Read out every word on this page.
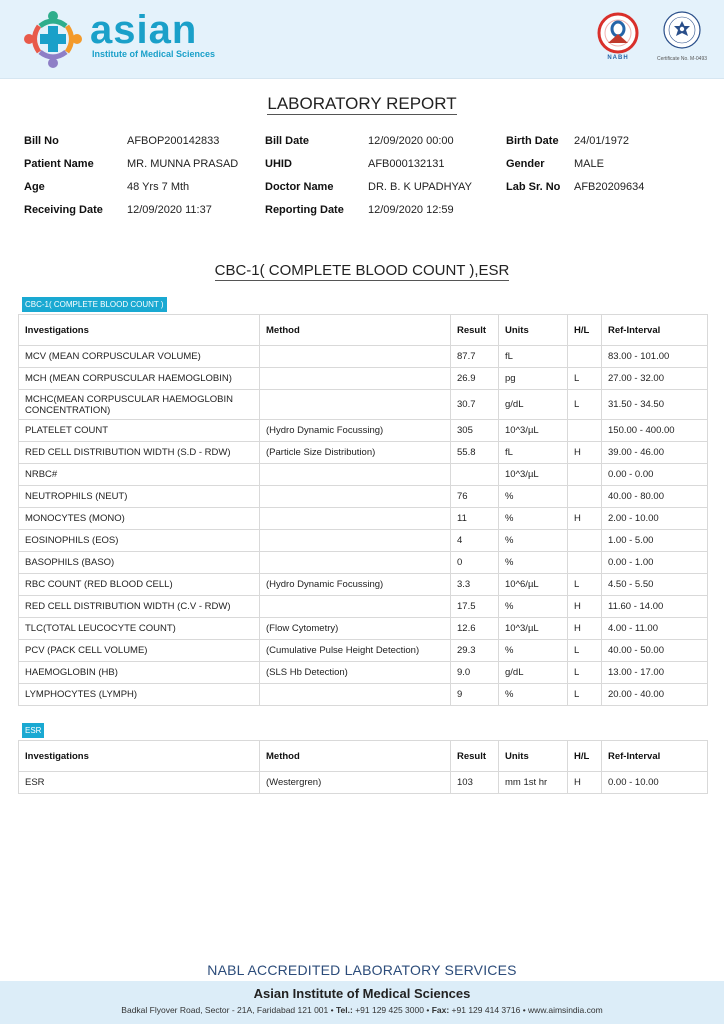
asian
Institute of Medical Sciences	NABH	Certificate No. M-0493
LABORATORY REPORT
Bill No	AFBOP200142833	Bill Date	12/09/2020 00:00	Birth Date 24/01/1972
Patient Name	MR. MUNNA PRASAD UHID	AFB000132131	Gender	MALE
Age	48 Yrs 7 Mth	Doctor Name	DR. B. K UPADHYAY	Lab Sr. No AFB20209634
Receiving Date 12/09/2020 11:37	Reporting Date 12/09/2020 12:59
CBC-1( COMPLETE BLOOD COUNT ),ESR
CBC-1( COMPLETE BLOOD COUNT )
Investigations	Method	Result	Units	H/L	Ref-Interval
MCV (MEAN CORPUSCULAR VOLUME)		87.7	fL		83.00 - 101.00
MCH (MEAN CORPUSCULAR HAEMOGLOBIN)		26.9	pg	L	27.00 - 32.00
MCHC(MEAN CORPUSCULAR HAEMOGLOBIN CONCENTRATION)		30.7	g/dL	L	31.50 - 34.50
PLATELET COUNT	(Hydro Dynamic Focussing)	305	10^3/µL		150.00 - 400.00
RED CELL DISTRIBUTION WIDTH (S.D - RDW)	(Particle Size Distribution)	55.8	fL	H	39.00 - 46.00
NRBC#			10^3/µL		0.00 - 0.00
NEUTROPHILS (NEUT)		76	%		40.00 - 80.00
MONOCYTES (MONO)		11	%	H	2.00 - 10.00
EOSINOPHILS (EOS)		4	%		1.00 - 5.00
BASOPHILS (BASO)		0	%		0.00 - 1.00
RBC COUNT (RED BLOOD CELL)	(Hydro Dynamic Focussing)	3.3	10^6/µL	L	4.50 - 5.50
RED CELL DISTRIBUTION WIDTH (C.V - RDW)		17.5	%	H	11.60 - 14.00
TLC(TOTAL LEUCOCYTE COUNT)	(Flow Cytometry)	12.6	10^3/µL	H	4.00 - 11.00
PCV (PACK CELL VOLUME)	(Cumulative Pulse Height Detection)	29.3	%	L	40.00 - 50.00
HAEMOGLOBIN (HB)	(SLS Hb Detection)	9.0	g/dL	L	13.00 - 17.00
LYMPHOCYTES (LYMPH)		9	%	L	20.00 - 40.00
ESR
Investigations	Method	Result	Units	H/L	Ref-Interval
ESR	(Westergren)	103	mm 1st hr	H	0.00 - 10.00
NABL ACCREDITED LABORATORY SERVICES
Asian Institute of Medical Sciences
Badkal Flyover Road, Sector - 21A, Faridabad 121 001 • Tel.: +91 129 425 3000 • Fax: +91 129 414 3716 • www.aimsindia.com
